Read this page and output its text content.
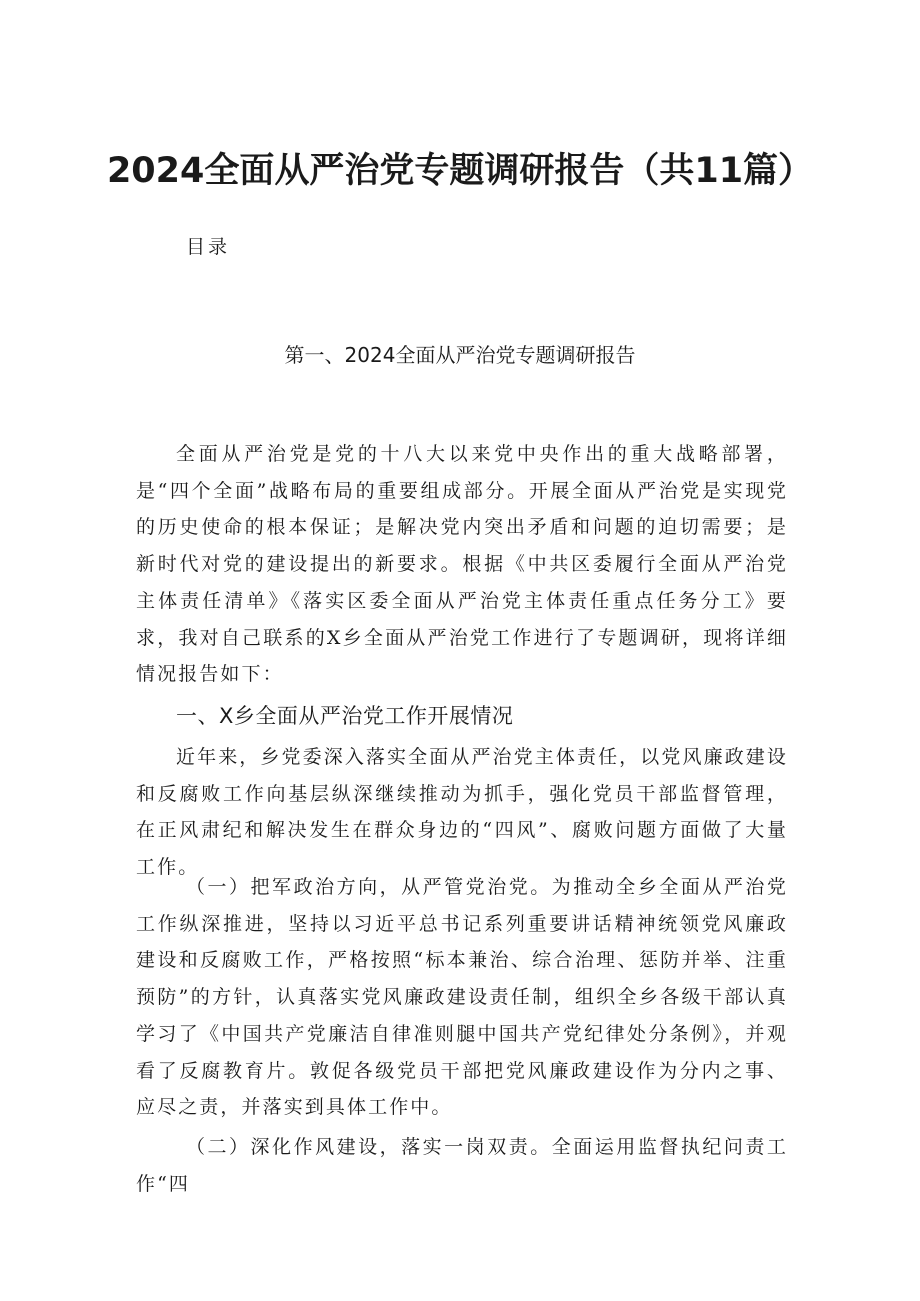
2024全面从严治党专题调研报告（共11篇）
目录
第一、2024全面从严治党专题调研报告

全面从严治党是党的十八大以来党中央作出的重大战略部署，是“四个全面”战略布局的重要组成部分。开展全面从严治党是实现党的历史使命的根本保证；是解决党内突出矛盾和问题的迫切需要；是新时代对党的建设提出的新要求。根据《中共区委履行全面从严治党主体责任清单》《落实区委全面从严治党主体责任重点任务分工》要求，我对自己联系的X乡全面从严治党工作进行了专题调研，现将详细情况报告如下：

一、X乡全面从严治党工作开展情况

近年来，乡党委深入落实全面从严治党主体责任，以党风廉政建设和反腐败工作向基层纵深继续推动为抓手，强化党员干部监督管理，在正风肃纪和解决发生在群众身边的“四风”、腐败问题方面做了大量工作。

（一）把军政治方向，从严管党治党。为推动全乡全面从严治党工作纵深推进，坚持以习近平总书记系列重要讲话精神统领党风廉政建设和反腐败工作，严格按照“标本兼治、综合治理、惩防并举、注重预防”的方针，认真落实党风廉政建设责任制，组织全乡各级干部认真学习了《中国共产党廉洁自律准则腿中国共产党纪律处分条例》，并观看了反腐教育片。敦促各级党员干部把党风廉政建设作为分内之事、应尽之责，并落实到具体工作中。

（二）深化作风建设，落实一岗双责。全面运用监督执纪问责工作“四
